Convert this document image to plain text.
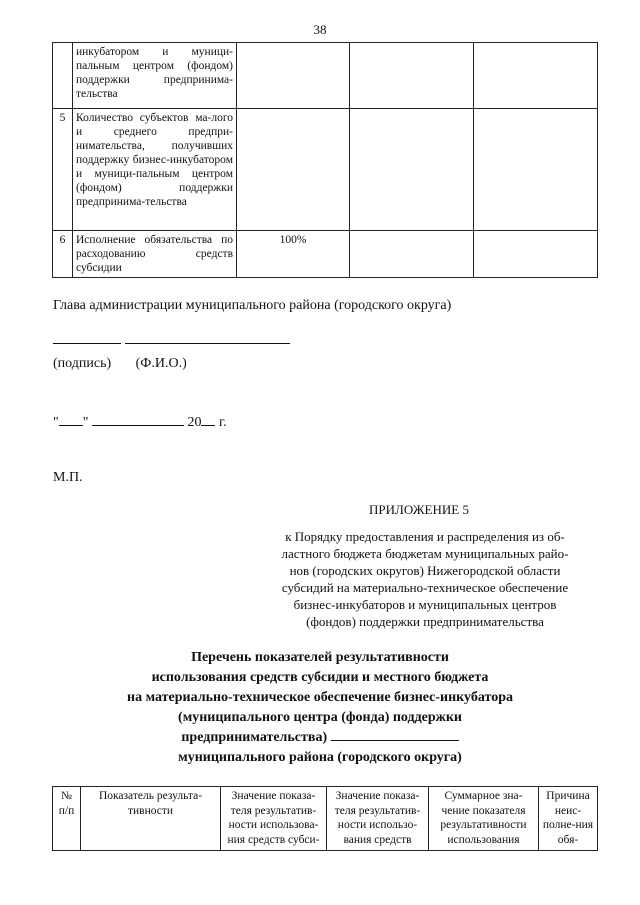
38
	инкубатором и муници-пальным центром (фондом) поддержки предпринима-тельства			
5	Количество субъектов ма-лого и среднего предпри-нимательства, получивших поддержку бизнес-инкубатором и муници-пальным центром (фондом) поддержки предпринима-тельства			
6	Исполнение обязательства по расходованию средств субсидии	100%		
Глава администрации муниципального района (городского округа)
(подпись)       (Ф.И.О.)
" "	20 г.
М.П.
ПРИЛОЖЕНИЕ 5
к Порядку предоставления и распределения из об-
ластного бюджета бюджетам муниципальных райо-
нов (городских округов) Нижегородской области
субсидий на материально-техническое обеспечение
бизнес-инкубаторов и муниципальных центров
(фондов) поддержки предпринимательства
Перечень показателей результативности
использования средств субсидии и местного бюджета
на материально-техническое обеспечение бизнес-инкубатора
(муниципального центра (фонда) поддержки
предпринимательства)
муниципального района (городского округа)
№ п/п	Показатель результа-тивности	Значение показа-теля результатив-ности использова-ния средств субси-	Значение показа-теля результатив-ности использо-вания средств	Суммарное зна-чение показателя результативности использования	Причина неис-полне-ния обя-
